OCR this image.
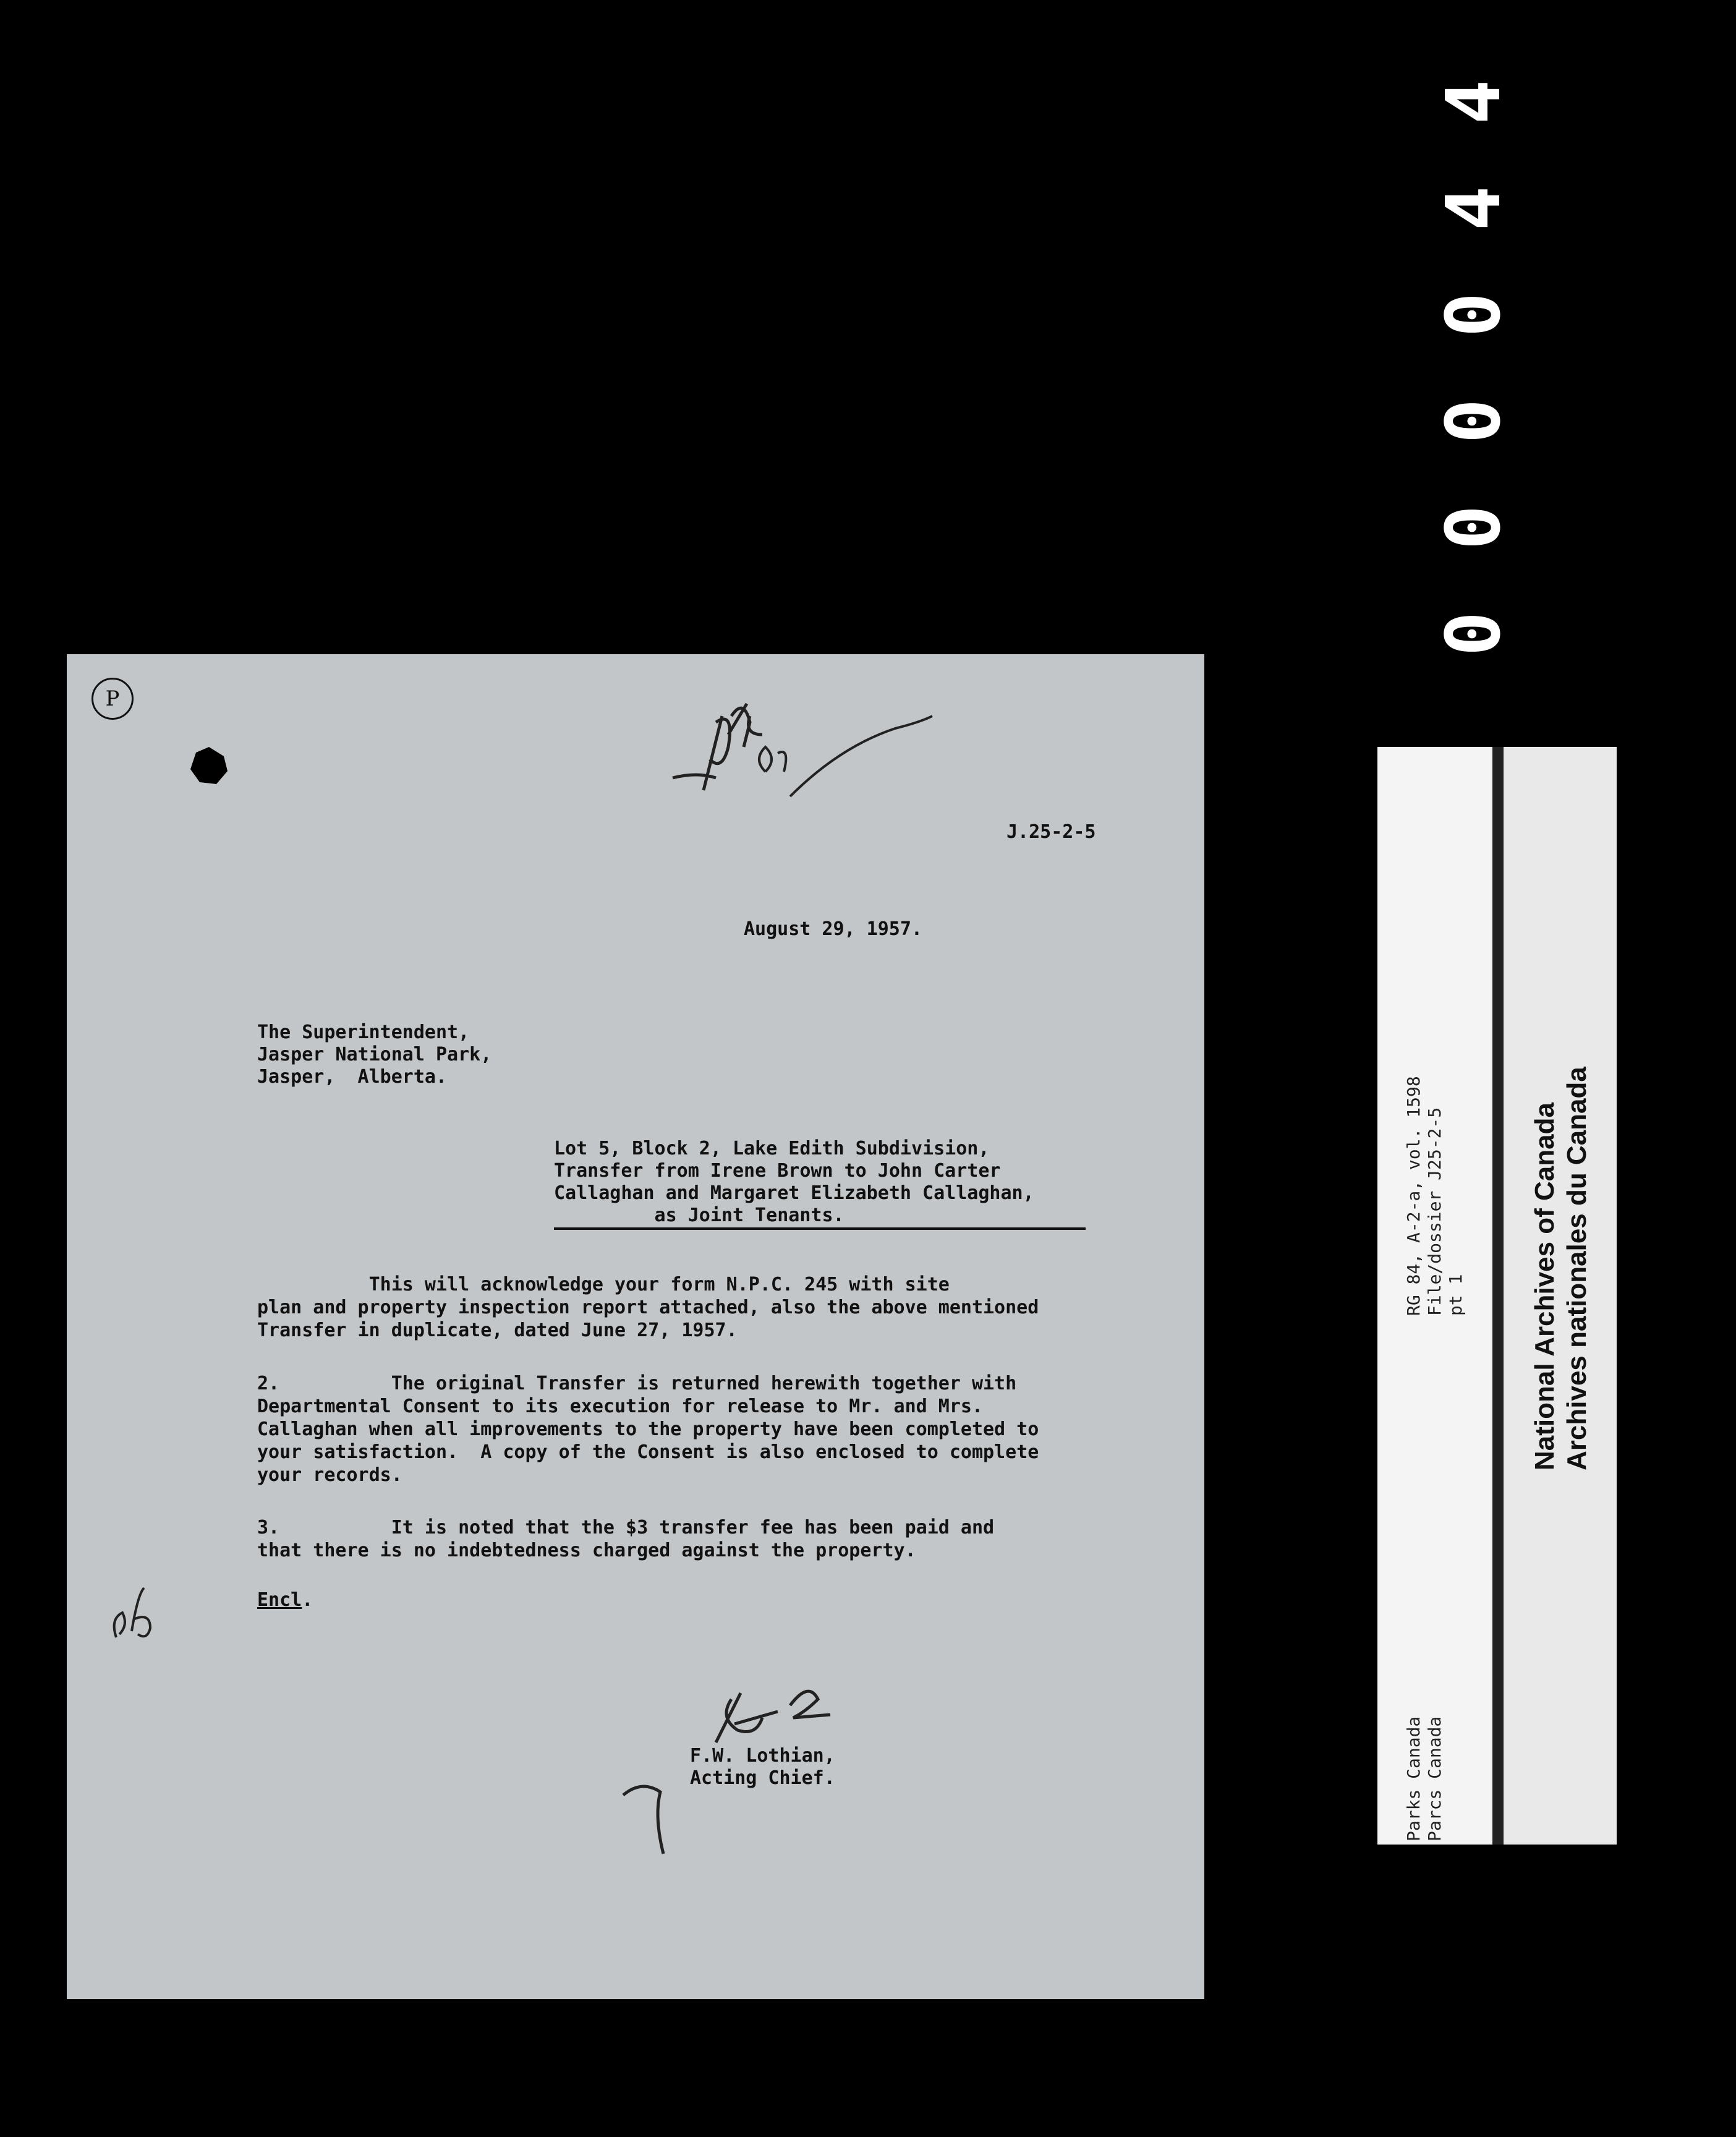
4
4
0
0
0
0
P
J.25-2-5
August 29, 1957.
The Superintendent,
Jasper National Park,
Jasper,  Alberta.
Lot 5, Block 2, Lake Edith Subdivision,
Transfer from Irene Brown to John Carter
Callaghan and Margaret Elizabeth Callaghan,
as Joint Tenants.
This will acknowledge your form N.P.C. 245 with site
plan and property inspection report attached, also the above mentioned
Transfer in duplicate, dated June 27, 1957.
2.          The original Transfer is returned herewith together with
Departmental Consent to its execution for release to Mr. and Mrs.
Callaghan when all improvements to the property have been completed to
your satisfaction.  A copy of the Consent is also enclosed to complete
your records.
3.          It is noted that the $3 transfer fee has been paid and
that there is no indebtedness charged against the property.
Encl.
F.W. Lothian,
Acting Chief.
RG 84, A-2-a, vol. 1598 File/dossier J25-2-5 pt 1
Parks Canada Parcs Canada
National Archives of Canada Archives nationales du Canada
